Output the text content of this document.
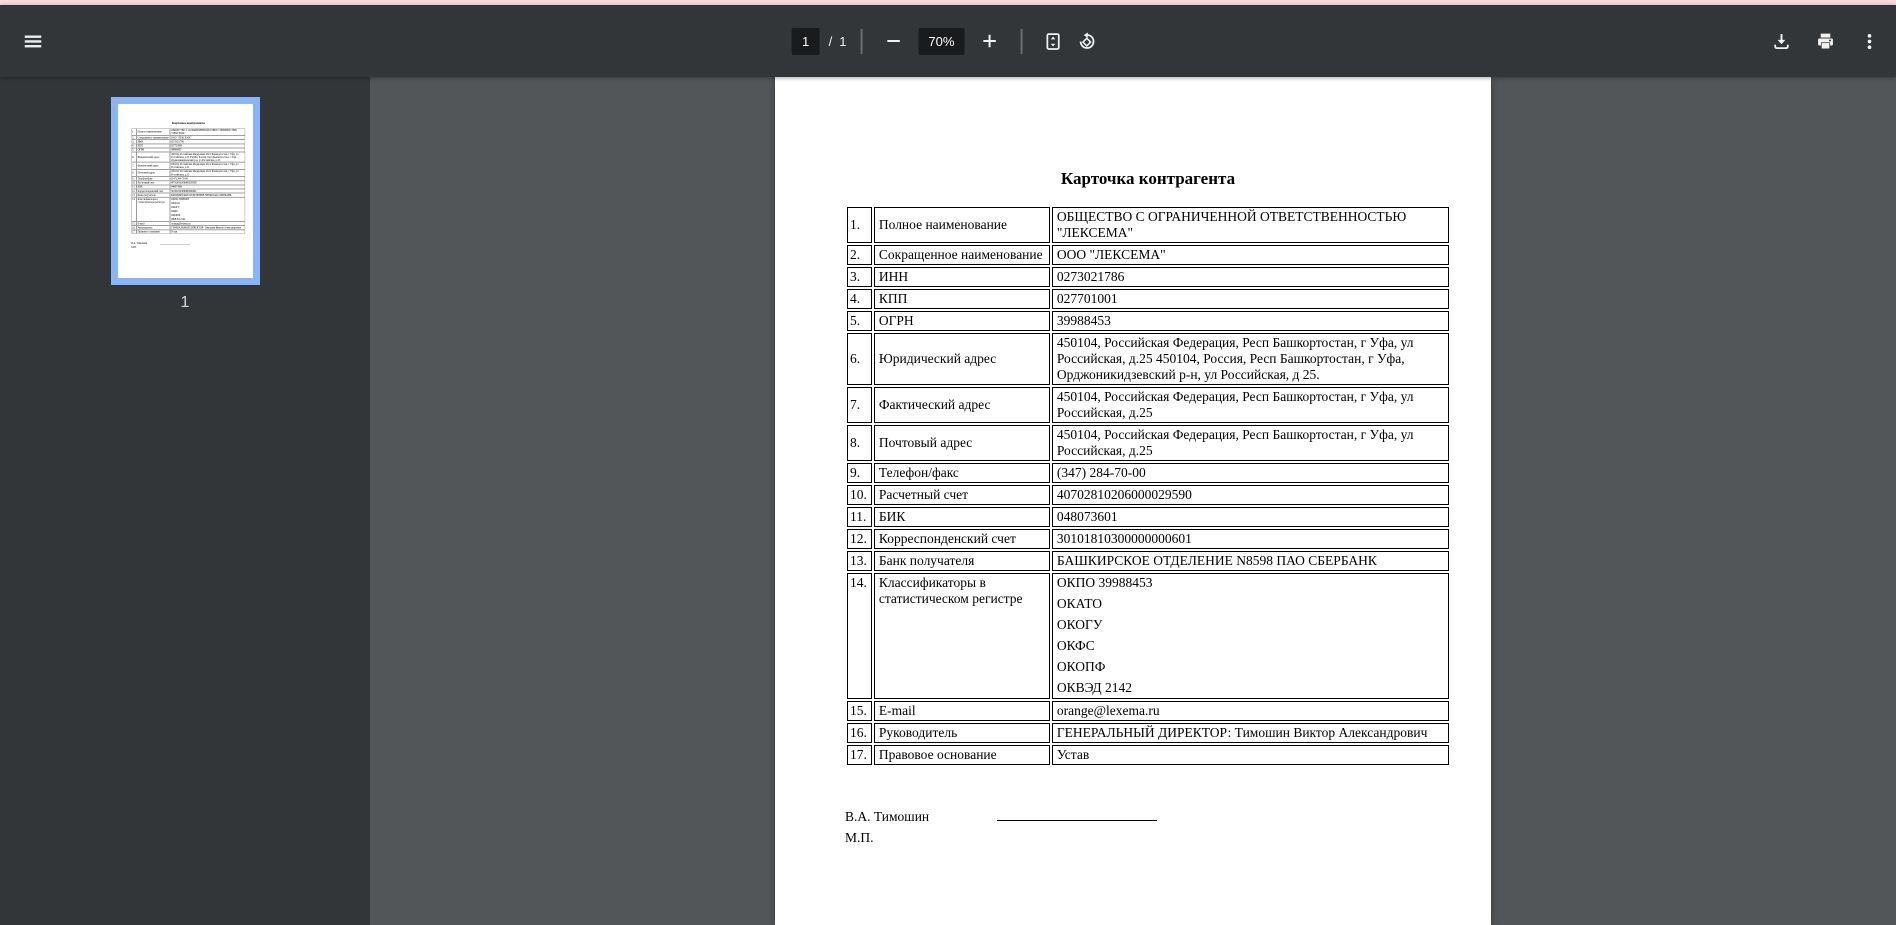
1
/ 1	70%
Карточка контрагента
1.	Полное наименование	ОБЩЕСТВО С ОГРАНИЧЕННОЙ ОТВЕТСТВЕННОСТЬЮ "ЛЕКСЕМА"
2.	Сокращенное наименование	ООО "ЛЕКСЕМА"
3.	ИНН	0273021786
4.	КПП	027701001
5.	ОГРН	39988453
6.	Юридический адрес	450104, Российская Федерация, Респ Башкортостан, г Уфа, ул Российская, д.25 450104, Россия, Респ Башкортостан, г Уфа, Орджоникидзевский р-н, ул Российская, д 25.
7.	Фактический адрес	450104, Российская Федерация, Респ Башкортостан, г Уфа, ул Российская, д.25
8.	Почтовый адрес	450104, Российская Федерация, Респ Башкортостан, г Уфа, ул Российская, д.25
9.	Телефон/факс	(347) 284-70-00
10.	Расчетный счет	40702810206000029590
11.	БИК	048073601
12.	Корреспонденский счет	30101810300000000601
13.	Банк получателя	БАШКИРСКОЕ ОТДЕЛЕНИЕ N8598 ПАО СБЕРБАНК
14.	Классификаторы в статистическом регистре	
ОКПО 39988453
ОКАТО
ОКОГУ
ОКФС
ОКОПФ
ОКВЭД 2142

15.	E-mail	orange@lexema.ru
16.	Руководитель	ГЕНЕРАЛЬНЫЙ ДИРЕКТОР: Тимошин Виктор Александрович
17.	Правовое основание	Устав
В.А. Тимошин
М.П.
1
Карточка контрагента
1.	Полное наименование	ОБЩЕСТВО С ОГРАНИЧЕННОЙ ОТВЕТСТВЕННОСТЬЮ "ЛЕКСЕМА"
2.	Сокращенное наименование	ООО "ЛЕКСЕМА"
3.	ИНН	0273021786
4.	КПП	027701001
5.	ОГРН	39988453
6.	Юридический адрес	450104, Российская Федерация, Респ Башкортостан, г Уфа, ул Российская, д.25 450104, Россия, Респ Башкортостан, г Уфа, Орджоникидзевский р-н, ул Российская, д 25.
7.	Фактический адрес	450104, Российская Федерация, Респ Башкортостан, г Уфа, ул Российская, д.25
8.	Почтовый адрес	450104, Российская Федерация, Респ Башкортостан, г Уфа, ул Российская, д.25
9.	Телефон/факс	(347) 284-70-00
10.	Расчетный счет	40702810206000029590
11.	БИК	048073601
12.	Корреспонденский счет	30101810300000000601
13.	Банк получателя	БАШКИРСКОЕ ОТДЕЛЕНИЕ N8598 ПАО СБЕРБАНК
14.	Классификаторы в статистическом регистре	
ОКПО 39988453
ОКАТО
ОКОГУ
ОКФС
ОКОПФ
ОКВЭД 2142

15.	E-mail	orange@lexema.ru
16.	Руководитель	ГЕНЕРАЛЬНЫЙ ДИРЕКТОР: Тимошин Виктор Александрович
17.	Правовое основание	Устав
В.А. Тимошин
М.П.
